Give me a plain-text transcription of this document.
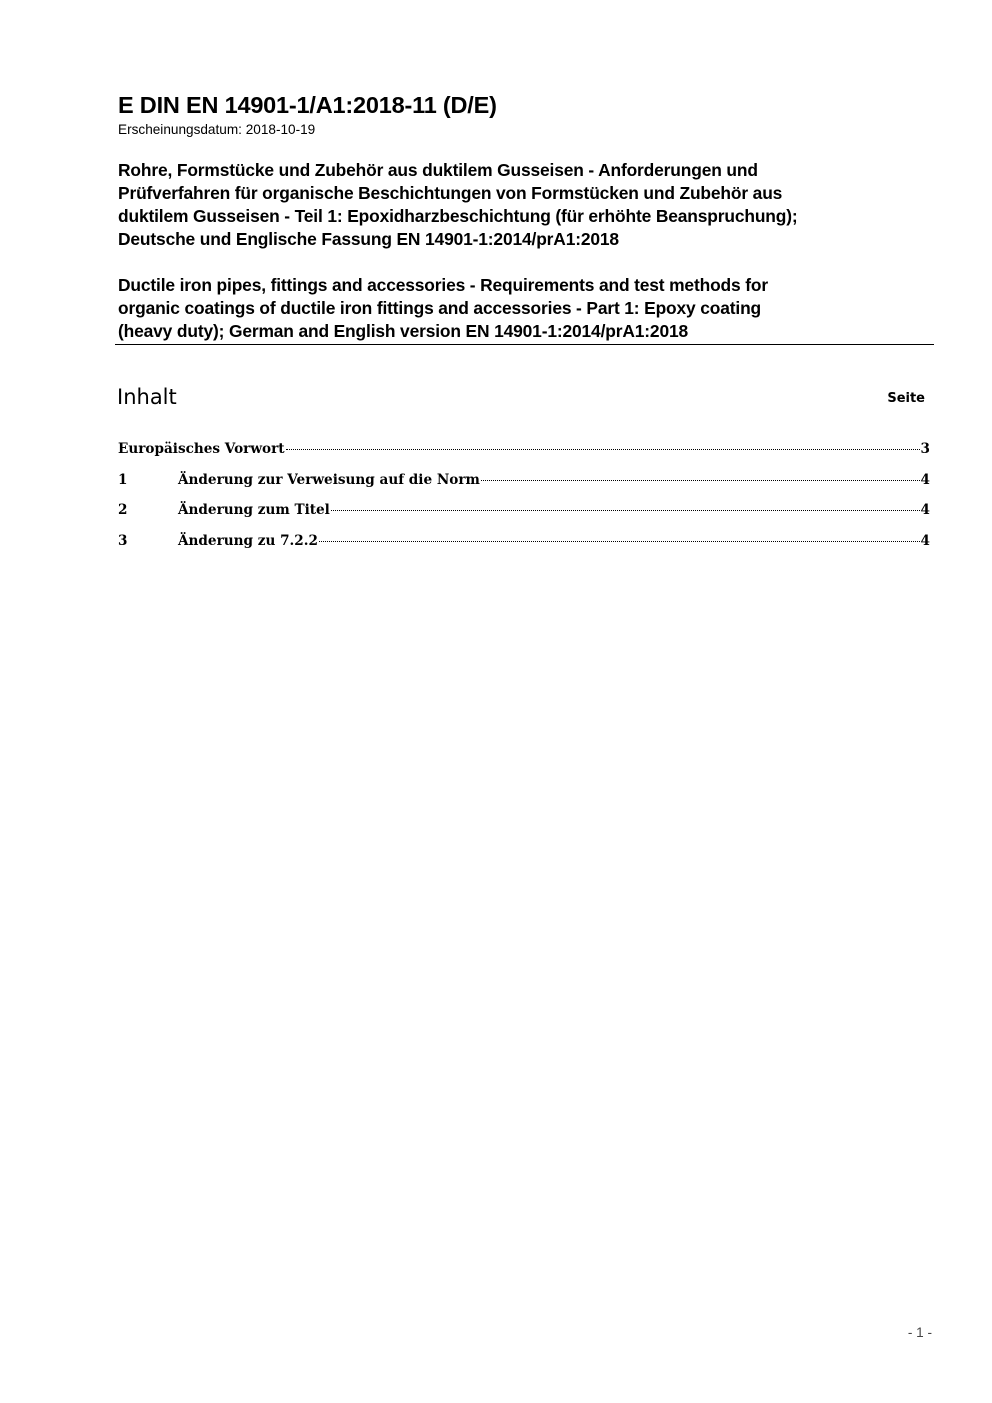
E DIN EN 14901-1/A1:2018-11 (D/E)
Erscheinungsdatum: 2018-10-19
Rohre, Formstücke und Zubehör aus duktilem Gusseisen - Anforderungen und
Prüfverfahren für organische Beschichtungen von Formstücken und Zubehör aus
duktilem Gusseisen - Teil 1: Epoxidharzbeschichtung (für erhöhte Beanspruchung);
Deutsche und Englische Fassung EN 14901-1:2014/prA1:2018
Ductile iron pipes, fittings and accessories - Requirements and test methods for
organic coatings of ductile iron fittings and accessories - Part 1: Epoxy coating
(heavy duty); German and English version EN 14901-1:2014/prA1:2018
Inhalt	Seite
Europäisches Vorwort	3
1	Änderung zur Verweisung auf die Norm	4
2	Änderung zum Titel	4
3	Änderung zu 7.2.2	4
- 1 -
